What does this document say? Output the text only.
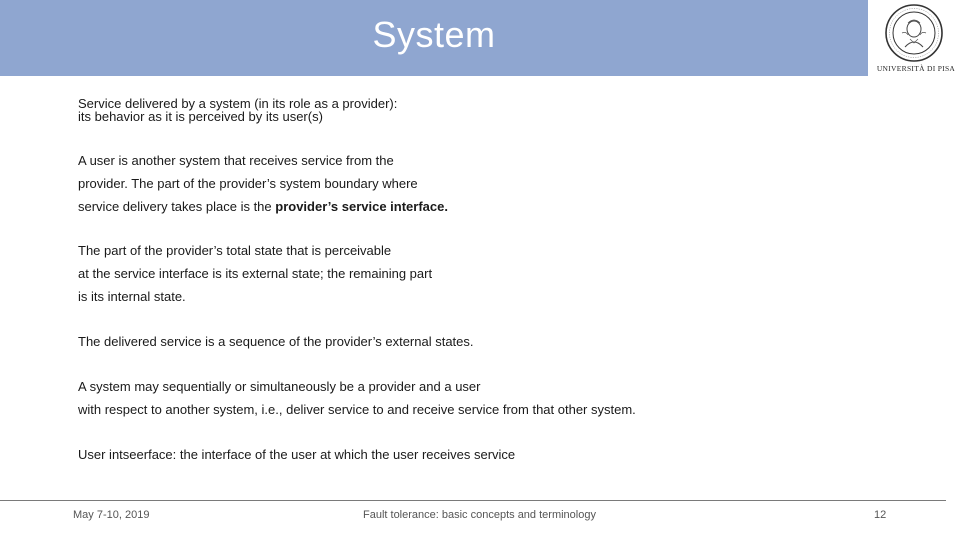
System
UNIVERSITÀ DI PISA
Service delivered by a system (in its role as a provider):
its behavior as it is perceived by its user(s)
A user is another system that receives service from the
provider. The part of the provider’s system boundary where
service delivery takes place is the provider’s service interface.
The part of the provider’s total state that is perceivable
at the service interface is its external state; the remaining part
is its internal state.
The delivered service is a sequence of the provider’s external states.
A system may sequentially or simultaneously be a provider and a user
with respect to another system, i.e., deliver service to and receive service from that other system.
User intseerface: the interface of the user at which the user receives service
May 7-10, 2019	Fault tolerance: basic concepts and terminology	12
